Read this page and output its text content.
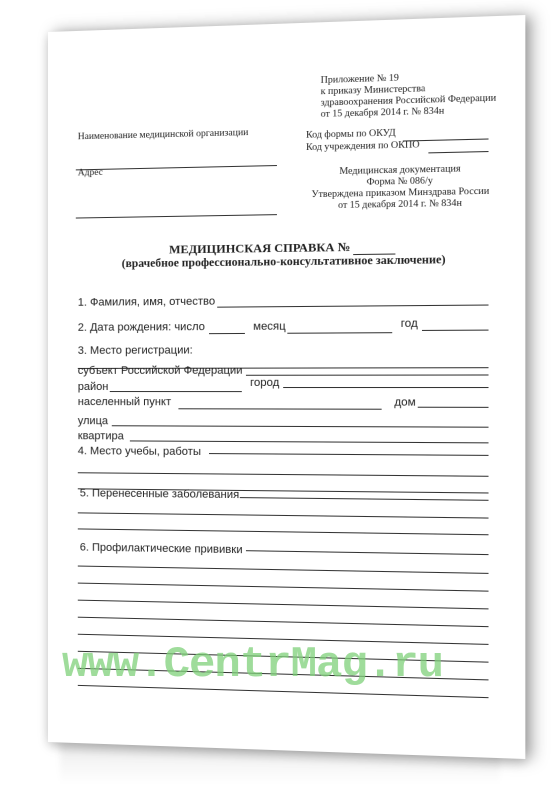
Приложение № 19
к приказу Министерства
здравоохранения Российской Федерации
от 15 декабря 2014 г. № 834н
Наименование медицинской организации	Код формы по ОКУД
Код учреждения по ОКПО
Адрес	Медицинская документация
Форма № 086/у
Утверждена приказом Минздрава России
от 15 декабря 2014 г. № 834н
МЕДИЦИНСКАЯ СПРАВКА №
(врачебное профессионально-консультативное заключение)
1. Фамилия, имя, отчество
2. Дата рождения: число	месяц	год
3. Место регистрации:
субъект Российской Федерации
район	город
населенный пункт	дом
улица
квартира
4. Место учебы, работы
5. Перенесенные заболевания
6. Профилактические прививки
www.CentrMag.ru
